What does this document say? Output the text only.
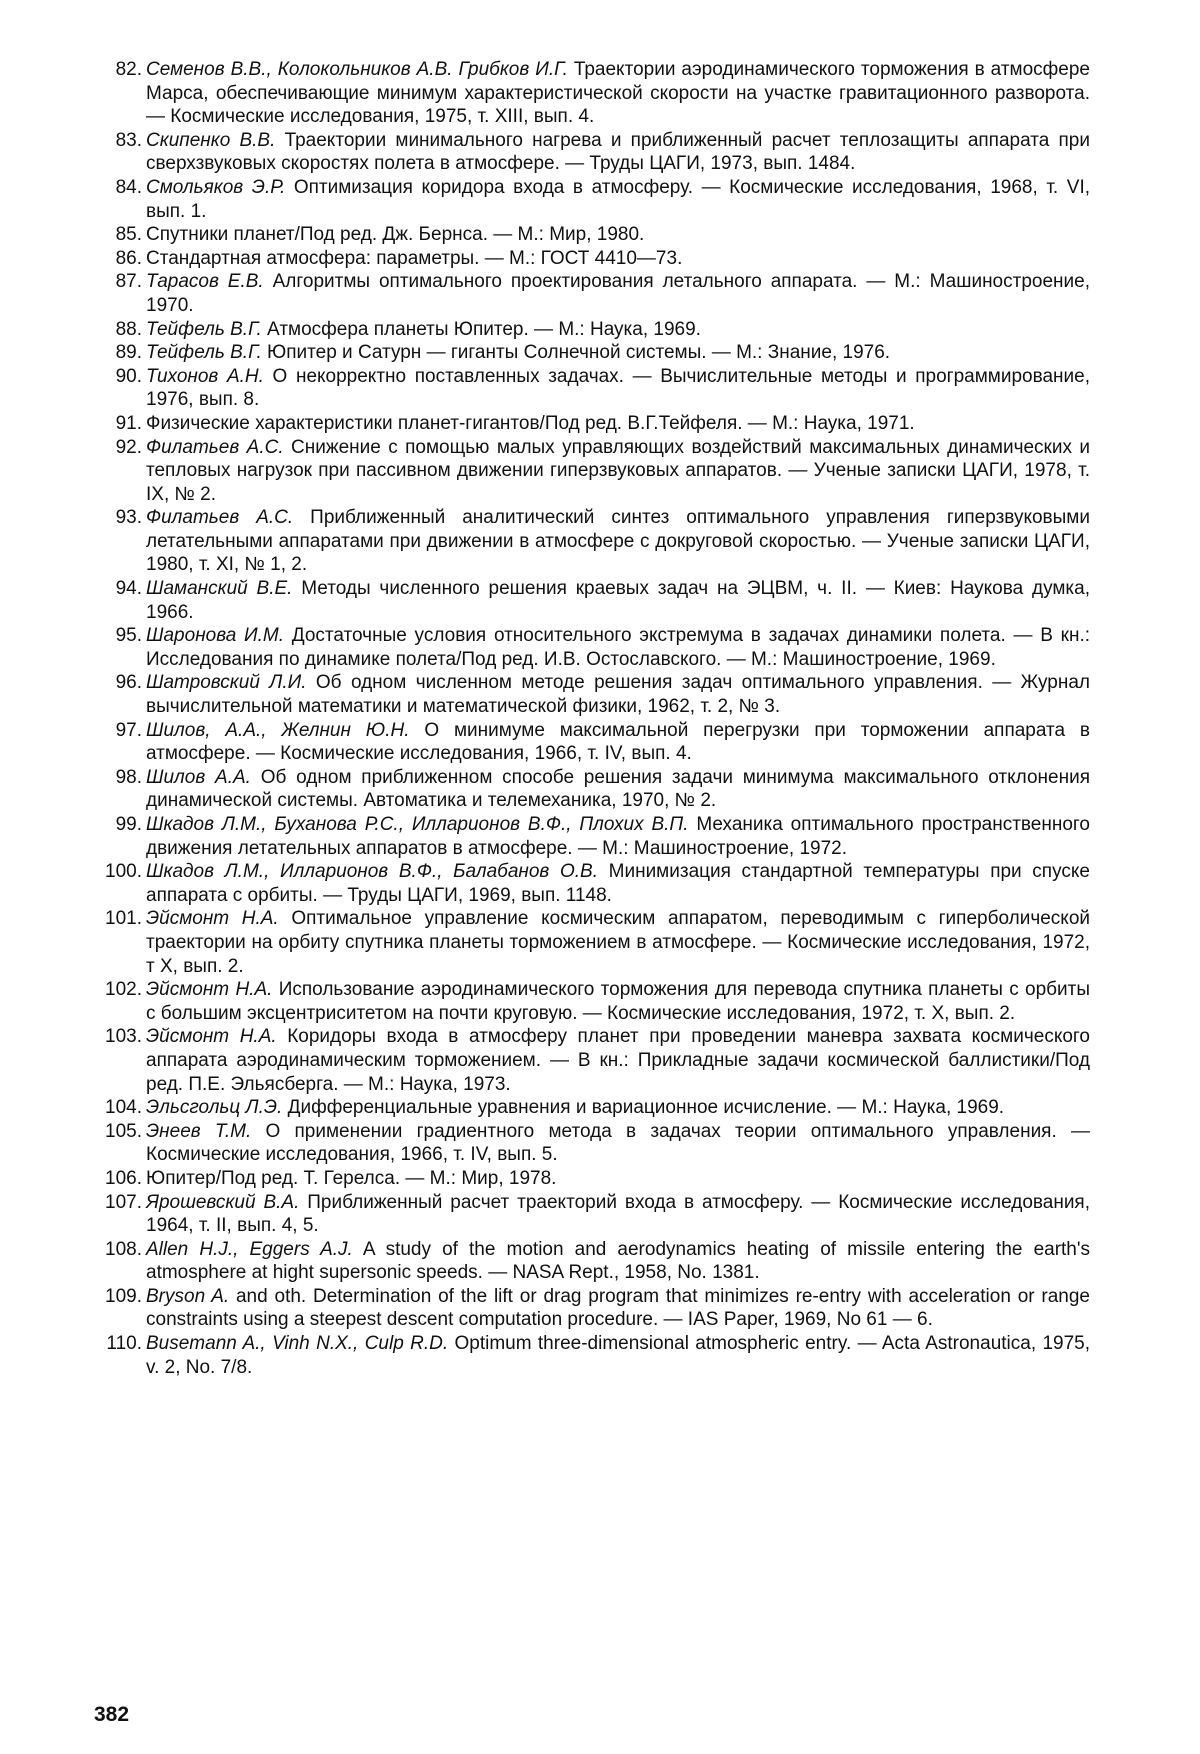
82. Семенов В.В., Колокольников А.В. Грибков И.Г. Траектории аэродинамического торможения в атмосфере Марса, обеспечивающие минимум характеристической скорости на участке гравитационного разворота. — Космические исследования, 1975, т. XIII, вып. 4.
83. Скипенко В.В. Траектории минимального нагрева и приближенный расчет теплозащиты аппарата при сверхзвуковых скоростях полета в атмосфере. — Труды ЦАГИ, 1973, вып. 1484.
84. Смольяков Э.Р. Оптимизация коридора входа в атмосферу. — Космические исследования, 1968, т. VI, вып. 1.
85. Спутники планет/Под ред. Дж. Бернса. — М.: Мир, 1980.
86. Стандартная атмосфера: параметры. — М.: ГОСТ 4410—73.
87. Тарасов Е.В. Алгоритмы оптимального проектирования летального аппарата. — М.: Машиностроение, 1970.
88. Тейфель В.Г. Атмосфера планеты Юпитер. — М.: Наука, 1969.
89. Тейфель В.Г. Юпитер и Сатурн — гиганты Солнечной системы. — М.: Знание, 1976.
90. Тихонов А.Н. О некорректно поставленных задачах. — Вычислительные методы и программирование, 1976, вып. 8.
91. Физические характеристики планет-гигантов/Под ред. В.Г.Тейфеля. — М.: Наука, 1971.
92. Филатьев А.С. Снижение с помощью малых управляющих воздействий максимальных динамических и тепловых нагрузок при пассивном движении гиперзвуковых аппаратов. — Ученые записки ЦАГИ, 1978, т. IX, № 2.
93. Филатьев А.С. Приближенный аналитический синтез оптимального управления гиперзвуковыми летательными аппаратами при движении в атмосфере с докруговой скоростью. — Ученые записки ЦАГИ, 1980, т. XI, № 1, 2.
94. Шаманский В.Е. Методы численного решения краевых задач на ЭЦВМ, ч. II. — Киев: Наукова думка, 1966.
95. Шаронова И.М. Достаточные условия относительного экстремума в задачах динамики полета. — В кн.: Исследования по динамике полета/Под ред. И.В. Остославского. — М.: Машиностроение, 1969.
96. Шатровский Л.И. Об одном численном методе решения задач оптимального управления. — Журнал вычислительной математики и математической физики, 1962, т. 2, № 3.
97. Шилов, А.А., Желнин Ю.Н. О минимуме максимальной перегрузки при торможении аппарата в атмосфере. — Космические исследования, 1966, т. IV, вып. 4.
98. Шилов А.А. Об одном приближенном способе решения задачи минимума максимального отклонения динамической системы. Автоматика и телемеханика, 1970, № 2.
99. Шкадов Л.М., Буханова Р.С., Илларионов В.Ф., Плохих В.П. Механика оптимального пространственного движения летательных аппаратов в атмосфере. — М.: Машиностроение, 1972.
100. Шкадов Л.М., Илларионов В.Ф., Балабанов О.В. Минимизация стандартной температуры при спуске аппарата с орбиты. — Труды ЦАГИ, 1969, вып. 1148.
101. Эйсмонт Н.А. Оптимальное управление космическим аппаратом, переводимым с гиперболической траектории на орбиту спутника планеты торможением в атмосфере. — Космические исследования, 1972, т X, вып. 2.
102. Эйсмонт Н.А. Использование аэродинамического торможения для перевода спутника планеты с орбиты с большим эксцентриситетом на почти круговую. — Космические исследования, 1972, т. X, вып. 2.
103. Эйсмонт Н.А. Коридоры входа в атмосферу планет при проведении маневра захвата космического аппарата аэродинамическим торможением. — В кн.: Прикладные задачи космической баллистики/Под ред. П.Е. Эльясберга. — М.: Наука, 1973.
104. Эльсгольц Л.Э. Дифференциальные уравнения и вариационное исчисление. — М.: Наука, 1969.
105. Энеев Т.М. О применении градиентного метода в задачах теории оптимального управления. — Космические исследования, 1966, т. IV, вып. 5.
106. Юпитер/Под ред. Т. Герелса. — М.: Мир, 1978.
107. Ярошевский В.А. Приближенный расчет траекторий входа в атмосферу. — Космические исследования, 1964, т. II, вып. 4, 5.
108. Allen H.J., Eggers A.J. A study of the motion and aerodynamics heating of missile entering the earth's atmosphere at hight supersonic speeds. — NASA Rept., 1958, No. 1381.
109. Bryson A. and oth. Determination of the lift or drag program that minimizes re-entry with acceleration or range constraints using a steepest descent computation procedure. — IAS Paper, 1969, No 61 — 6.
110. Busemann A., Vinh N.X., Culp R.D. Optimum three-dimensional atmospheric entry. — Acta Astronautica, 1975, v. 2, No. 7/8.
382
